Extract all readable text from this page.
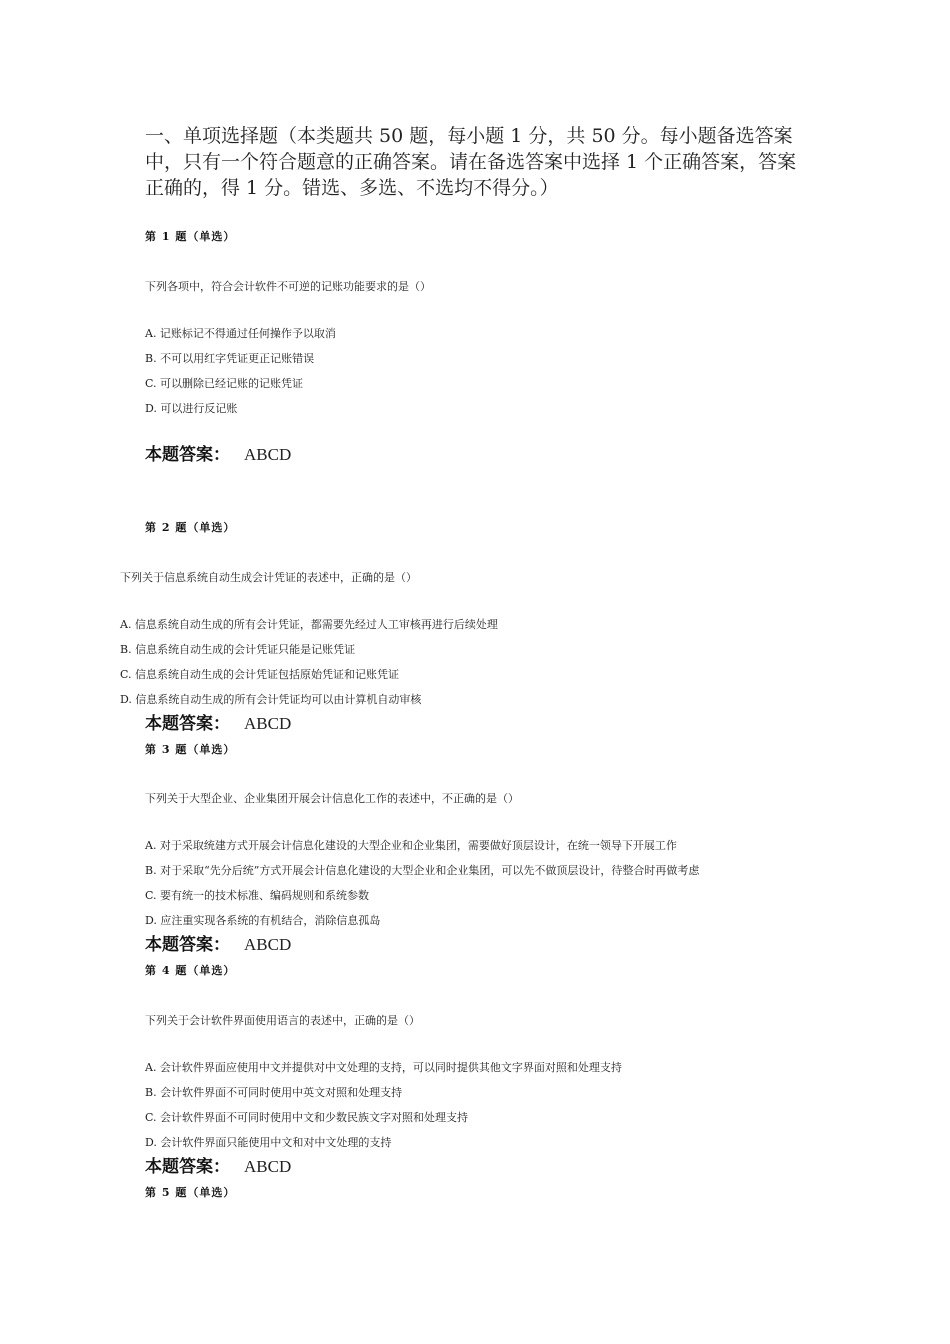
一、单项选择题（本类题共 50 题，每小题 1 分，共 50 分。每小题备选答案中，只有一个符合题意的正确答案。请在备选答案中选择 1 个正确答案，答案正确的，得 1 分。错选、多选、不选均不得分。）
第 1 题（单选）
下列各项中，符合会计软件不可逆的记账功能要求的是（）
A. 记账标记不得通过任何操作予以取消
B. 不可以用红字凭证更正记账错误
C. 可以删除已经记账的记账凭证
D. 可以进行反记账
本题答案： ABCD
第 2 题（单选）
下列关于信息系统自动生成会计凭证的表述中，正确的是（）
A. 信息系统自动生成的所有会计凭证，都需要先经过人工审核再进行后续处理
B. 信息系统自动生成的会计凭证只能是记账凭证
C. 信息系统自动生成的会计凭证包括原始凭证和记账凭证
D. 信息系统自动生成的所有会计凭证均可以由计算机自动审核
本题答案： ABCD
第 3 题（单选）
下列关于大型企业、企业集团开展会计信息化工作的表述中，不正确的是（）
A. 对于采取统建方式开展会计信息化建设的大型企业和企业集团，需要做好顶层设计，在统一领导下开展工作
B. 对于采取“先分后统”方式开展会计信息化建设的大型企业和企业集团，可以先不做顶层设计，待整合时再做考虑
C. 要有统一的技术标准、编码规则和系统参数
D. 应注重实现各系统的有机结合，消除信息孤岛
本题答案： ABCD
第 4 题（单选）
下列关于会计软件界面使用语言的表述中，正确的是（）
A. 会计软件界面应使用中文并提供对中文处理的支持，可以同时提供其他文字界面对照和处理支持
B. 会计软件界面不可同时使用中英文对照和处理支持
C. 会计软件界面不可同时使用中文和少数民族文字对照和处理支持
D. 会计软件界面只能使用中文和对中文处理的支持
本题答案： ABCD
第 5 题（单选）
